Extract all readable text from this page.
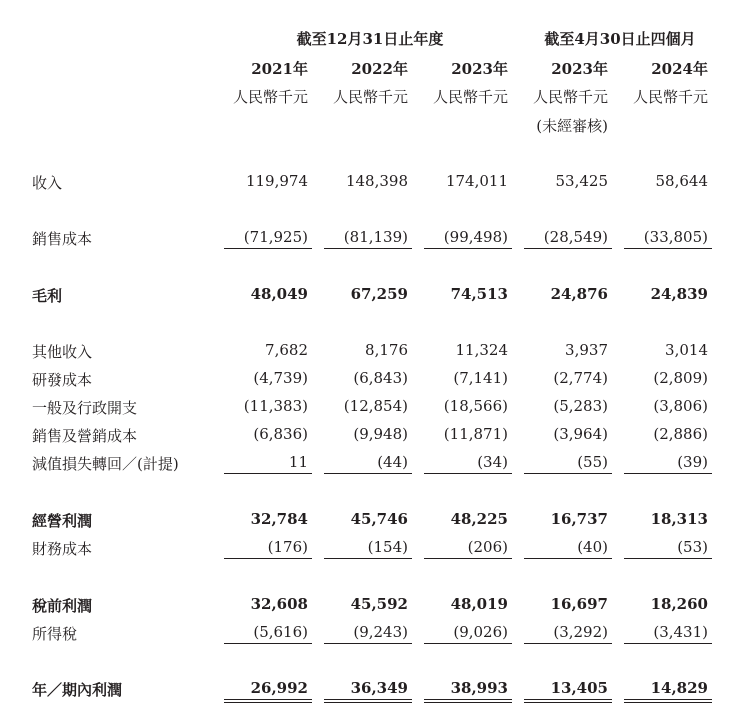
截至12月31日止年度	截至4月30日止四個月
2021年	2022年	2023年	2023年	2024年
人民幣千元	人民幣千元	人民幣千元	人民幣千元	人民幣千元
(未經審核)
收入	119,974	148,398	174,011	53,425	58,644
銷售成本	(71,925)	(81,139)	(99,498)	(28,549)	(33,805)
毛利	48,049	67,259	74,513	24,876	24,839
其他收入	7,682	8,176	11,324	3,937	3,014
研發成本	(4,739)	(6,843)	(7,141)	(2,774)	(2,809)
一般及行政開支	(11,383)	(12,854)	(18,566)	(5,283)	(3,806)
銷售及營銷成本	(6,836)	(9,948)	(11,871)	(3,964)	(2,886)
減值損失轉回／(計提)	11	(44)	(34)	(55)	(39)
經營利潤	32,784	45,746	48,225	16,737	18,313
財務成本	(176)	(154)	(206)	(40)	(53)
稅前利潤	32,608	45,592	48,019	16,697	18,260
所得稅	(5,616)	(9,243)	(9,026)	(3,292)	(3,431)
年／期內利潤	26,992	36,349	38,993	13,405	14,829
